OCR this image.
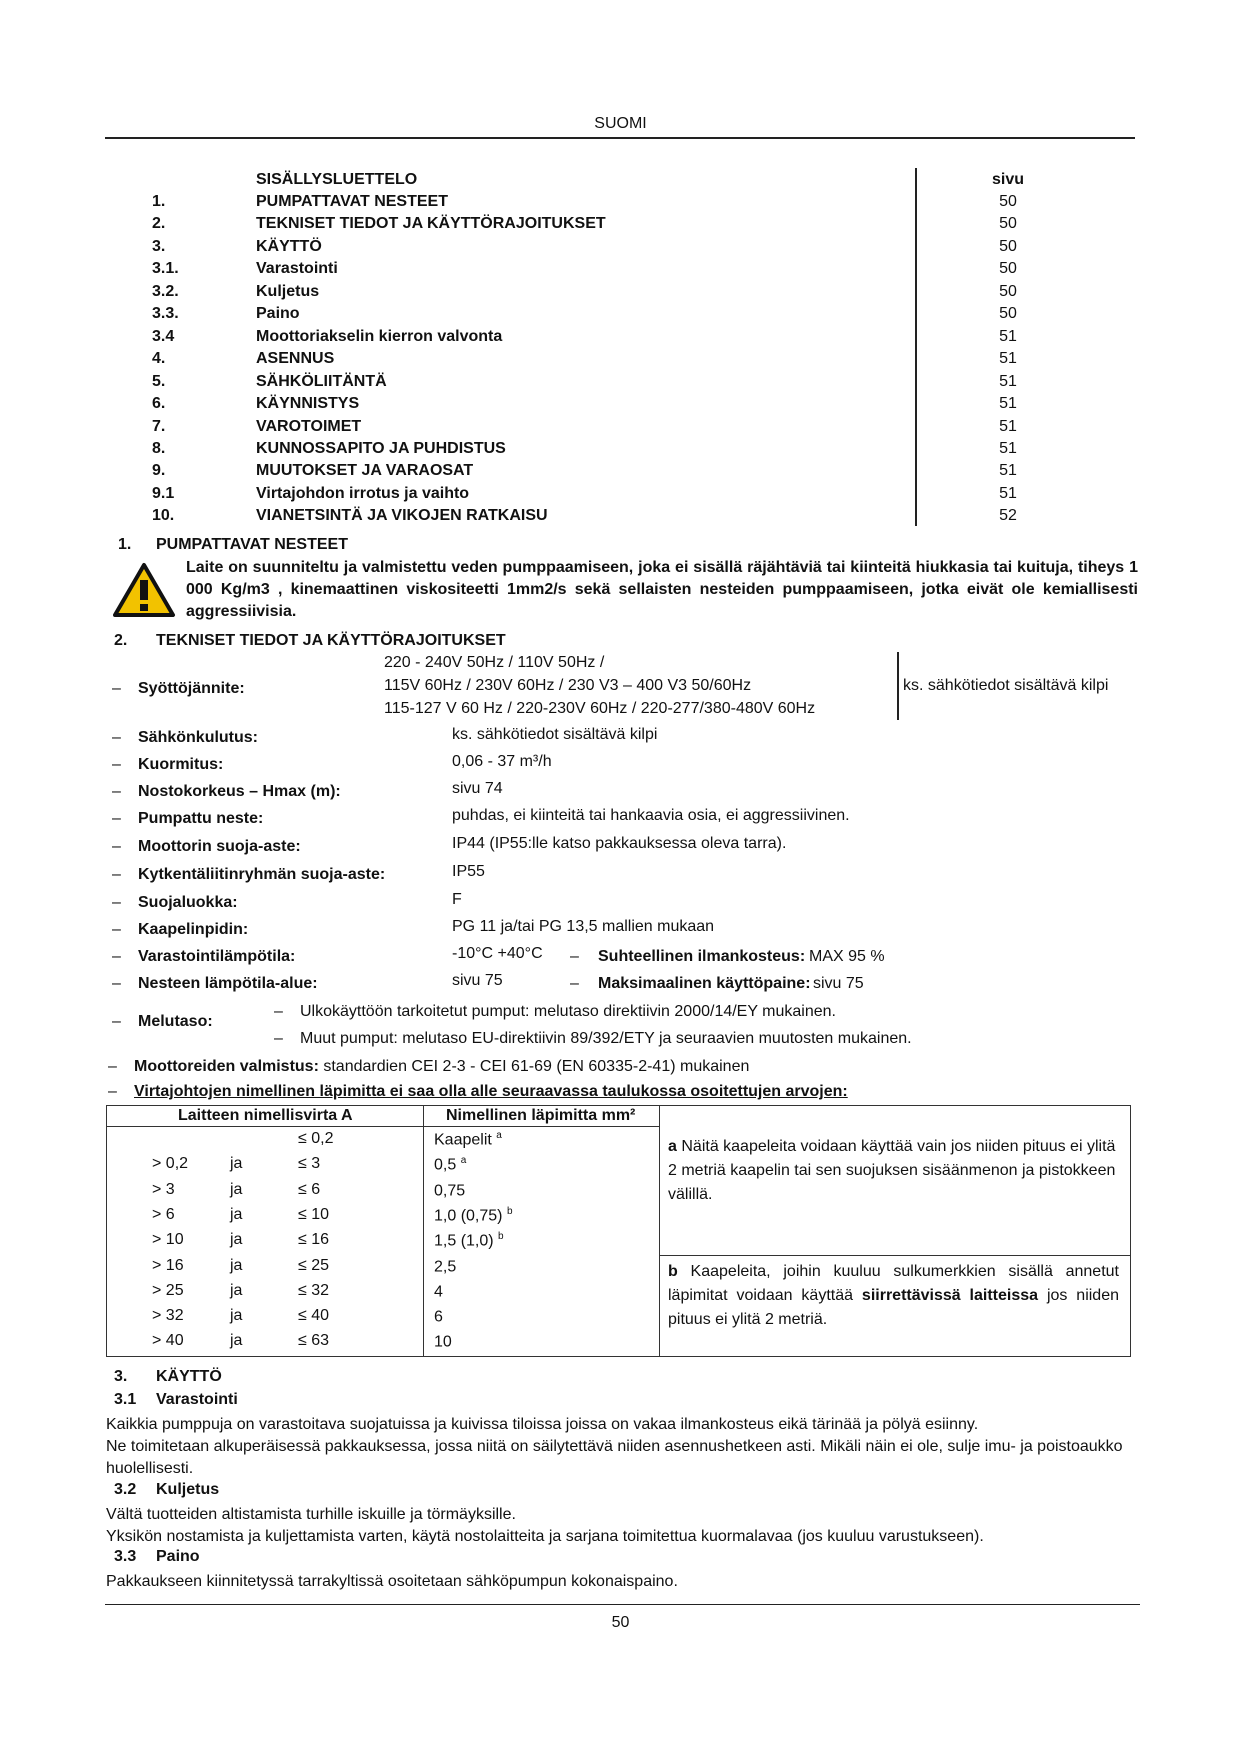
SUOMI
SISÄLLYSLUETTELO	sivu
1.	PUMPATTAVAT NESTEET	50
2.	TEKNISET TIEDOT JA KÄYTTÖRAJOITUKSET	50
3.	KÄYTTÖ	50
3.1.	Varastointi	50
3.2.	Kuljetus	50
3.3.	Paino	50
3.4	Moottoriakselin kierron valvonta	51
4.	ASENNUS	51
5.	SÄHKÖLIITÄNTÄ	51
6.	KÄYNNISTYS	51
7.	VAROTOIMET	51
8.	KUNNOSSAPITO JA PUHDISTUS	51
9.	MUUTOKSET JA VARAOSAT	51
9.1	Virtajohdon irrotus ja vaihto	51
10.	VIANETSINTÄ JA VIKOJEN RATKAISU	52
1. PUMPATTAVAT NESTEET

Laite on suunniteltu ja valmistettu veden pumppaamiseen, joka ei sisällä räjähtäviä tai kiinteitä hiukkasia tai kuituja, tiheys 1 000 Kg/m3 , kinemaattinen viskositeetti 1mm2/s sekä sellaisten nesteiden pumppaamiseen, jotka eivät ole kemiallisesti aggressiivisia.

2. TEKNISET TIEDOT JA KÄYTTÖRAJOITUKSET
– Syöttöjännite:
220 - 240V 50Hz / 110V 50Hz /
115V 60Hz / 230V 60Hz / 230 V3 – 400 V3 50/60Hz
115-127 V 60 Hz / 220-230V 60Hz / 220-277/380-480V 60Hz
ks. sähkötiedot sisältävä kilpi
– Sähkönkulutus:	ks. sähkötiedot sisältävä kilpi
– Kuormitus:	0,06 - 37 m³/h
– Nostokorkeus – Hmax (m):	sivu 74
– Pumpattu neste:	puhdas, ei kiinteitä tai hankaavia osia, ei aggressiivinen.
– Moottorin suoja-aste:	IP44 (IP55:lle katso pakkauksessa oleva tarra).
– Kytkentäliitinryhmän suoja-aste:	IP55
– Suojaluokka:	F
– Kaapelinpidin:	PG 11 ja/tai PG 13,5 mallien mukaan
– Varastointilämpötila:	-10°C +40°C – Suhteellinen ilmankosteus: MAX 95 %
– Nesteen lämpötila-alue:	sivu 75	– Maksimaalinen käyttöpaine: sivu 75
– Melutaso:
– Ulkokäyttöön tarkoitetut pumput: melutaso direktiivin 2000/14/EY mukainen.
– Muut pumput: melutaso EU-direktiivin 89/392/ETY ja seuraavien muutosten mukainen.
– Moottoreiden valmistus: standardien CEI 2-3 - CEI 61-69 (EN 60335-2-41) mukainen
– Virtajohtojen nimellinen läpimitta ei saa olla alle seuraavassa taulukossa osoitettujen arvojen:
Laitteen nimellisvirta A	Nimellinen läpimitta mm²
≤ 0,2	Kaapelit $^a$
> 0,2	ja	≤ 3	0,5 $^a$
> 3	ja	≤ 6	0,75
> 6	ja	≤ 10	1,0 (0,75) $^b$
> 10	ja	≤ 16	1,5 (1,0) $^b$
> 16	ja	≤ 25	2,5
> 25	ja	≤ 32	4
> 32	ja	≤ 40	6
> 40	ja	≤ 63	10
a Näitä kaapeleita voidaan käyttää vain jos niiden pituus ei ylitä 2 metriä kaapelin tai sen suojuksen sisäänmenon ja pistokkeen välillä.
b Kaapeleita, joihin kuuluu sulkumerkkien sisällä annetut läpimitat voidaan käyttää siirrettävissä laitteissa jos niiden pituus ei ylitä 2 metriä.
3. KÄYTTÖ
3.1 Varastointi

Kaikkia pumppuja on varastoitava suojatuissa ja kuivissa tiloissa joissa on vakaa ilmankosteus eikä tärinää ja pölyä esiinny.

Ne toimitetaan alkuperäisessä pakkauksessa, jossa niitä on säilytettävä niiden asennushetkeen asti. Mikäli näin ei ole, sulje imu- ja poistoaukko huolellisesti.

3.2 Kuljetus

Vältä tuotteiden altistamista turhille iskuille ja törmäyksille.

Yksikön nostamista ja kuljettamista varten, käytä nostolaitteita ja sarjana toimitettua kuormalavaa (jos kuuluu varustukseen).

3.3 Paino

Pakkaukseen kiinnitetyssä tarrakyltissä osoitetaan sähköpumpun kokonaispaino.

50
